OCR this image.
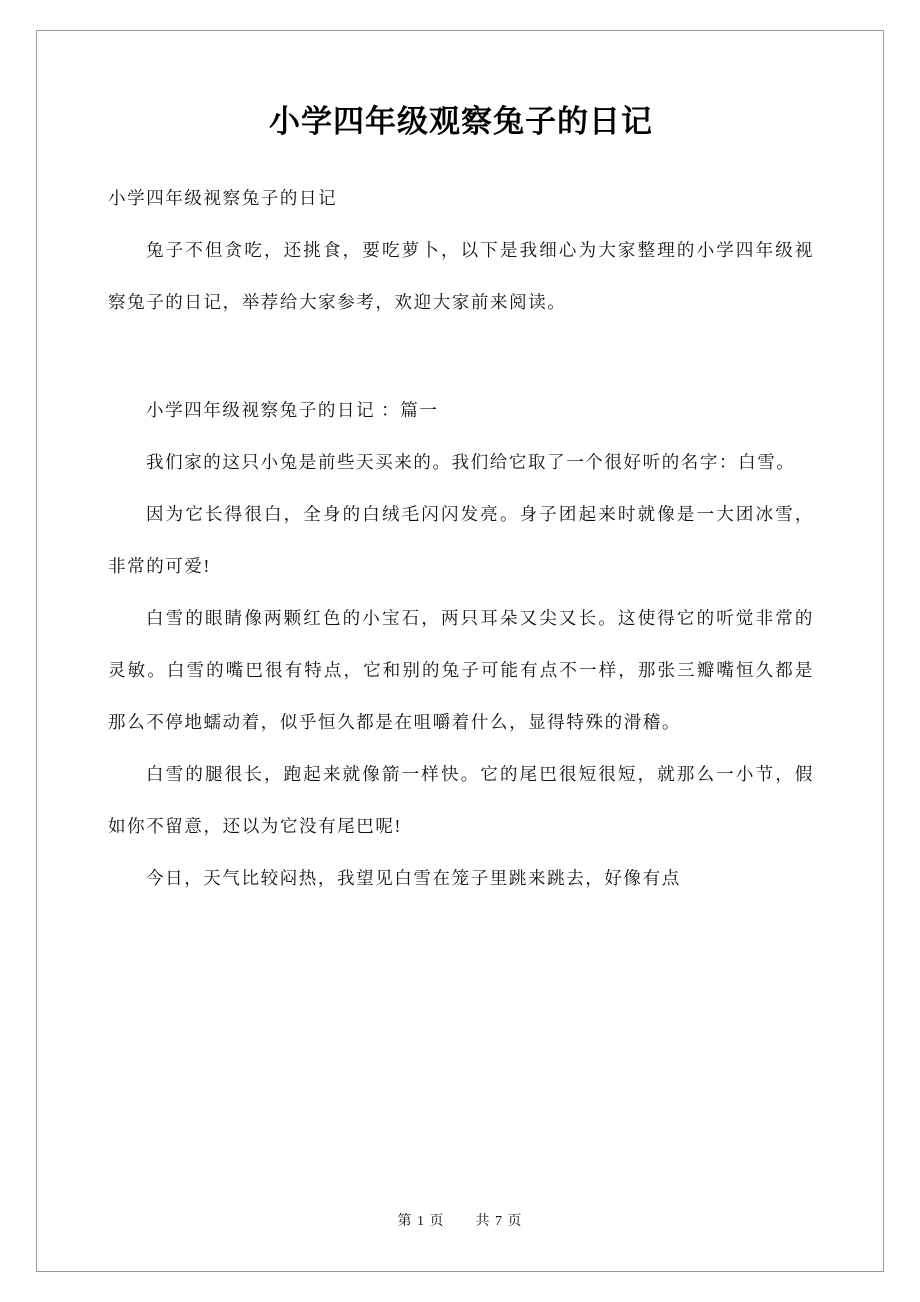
小学四年级观察兔子的日记

小学四年级视察兔子的日记

兔子不但贪吃，还挑食，要吃萝卜，以下是我细心为大家整理的小学四年级视察兔子的日记，举荐给大家参考，欢迎大家前来阅读。

小学四年级视察兔子的日记 ：篇一

我们家的这只小兔是前些天买来的。我们给它取了一个很好听的名字：白雪。

因为它长得很白，全身的白绒毛闪闪发亮。身子团起来时就像是一大团冰雪，非常的可爱!

白雪的眼睛像两颗红色的小宝石，两只耳朵又尖又长。这使得它的听觉非常的灵敏。白雪的嘴巴很有特点，它和别的兔子可能有点不一样，那张三瓣嘴恒久都是那么不停地蠕动着，似乎恒久都是在咀嚼着什么，显得特殊的滑稽。

白雪的腿很长，跑起来就像箭一样快。它的尾巴很短很短，就那么一小节，假如你不留意，还以为它没有尾巴呢!

今日，天气比较闷热，我望见白雪在笼子里跳来跳去，好像有点

第 1 页 共 7 页
